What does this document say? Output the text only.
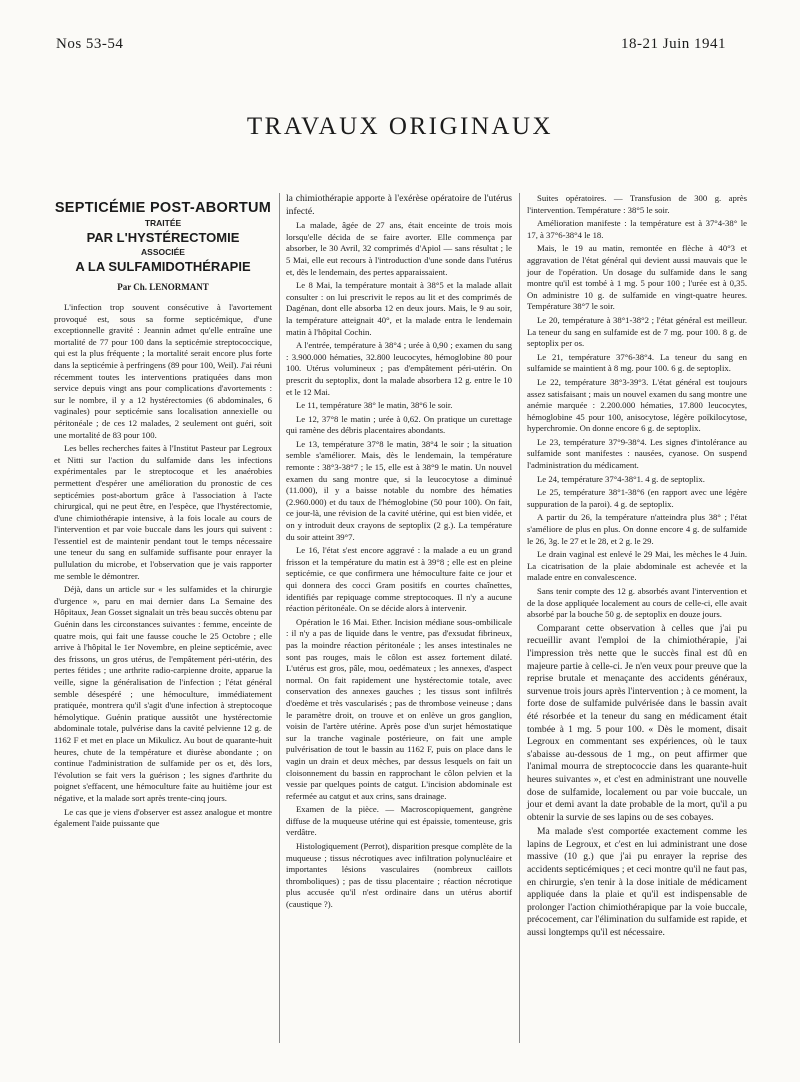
Nos 53-54	18-21 Juin 1941
TRAVAUX ORIGINAUX
SEPTICÉMIE POST-ABORTUM
TRAITÉE
PAR L'HYSTÉRECTOMIE
ASSOCIÉE
A LA SULFAMIDOTHÉRAPIE
Par Ch. LENORMANT

L'infection trop souvent consécutive à l'avortement provoqué est, sous sa forme septicémique, d'une exceptionnelle gravité : Jeannin admet qu'elle entraîne une mortalité de 77 pour 100 dans la septicémie streptococcique, qui est la plus fréquente ; la mortalité serait encore plus forte dans la septicémie à perfringens (89 pour 100, Weil). J'ai réuni récemment toutes les interventions pratiquées dans mon service depuis vingt ans pour complications d'avortements : sur le nombre, il y a 12 hystérectomies (6 abdominales, 6 vaginales) pour septicémie sans localisation annexielle ou péritonéale ; de ces 12 malades, 2 seulement ont guéri, soit une mortalité de 83 pour 100.

Les belles recherches faites à l'Institut Pasteur par Legroux et Nitti sur l'action du sulfamide dans les infections expérimentales par le streptocoque et les anaérobies permettent d'espérer une amélioration du pronostic de ces septicémies post-abortum grâce à l'association à l'acte chirurgical, qui ne peut être, en l'espèce, que l'hystérectomie, d'une chimiothérapie intensive, à la fois locale au cours de l'intervention et par voie buccale dans les jours qui suivent : l'essentiel est de maintenir pendant tout le temps nécessaire une teneur du sang en sulfamide suffisante pour enrayer la pullulation du microbe, et l'observation que je vais rapporter me semble le démontrer.

Déjà, dans un article sur « les sulfamides et la chirurgie d'urgence », paru en mai dernier dans La Semaine des Hôpitaux, Jean Gosset signalait un très beau succès obtenu par Guénin dans les circonstances suivantes : femme, enceinte de quatre mois, qui fait une fausse couche le 25 Octobre ; elle arrive à l'hôpital le 1er Novembre, en pleine septicémie, avec des frissons, un gros utérus, de l'empâtement péri-utérin, des pertes fétides ; une arthrite radio-carpienne droite, apparue la veille, signe la généralisation de l'infection ; l'état général semble désespéré ; une hémoculture, immédiatement pratiquée, montrera qu'il s'agit d'une infection à streptocoque hémolytique. Guénin pratique aussitôt une hystérectomie abdominale totale, pulvérise dans la cavité pelvienne 12 g. de 1162 F et met en place un Mikulicz. Au bout de quarante-huit heures, chute de la température et diurèse abondante ; on continue l'administration de sulfamide per os et, dès lors, l'évolution se fait vers la guérison ; les signes d'arthrite du poignet s'effacent, une hémoculture faite au huitième jour est négative, et la malade sort après trente-cinq jours.

Le cas que je viens d'observer est assez analogue et montre également l'aide puissante que

la chimiothérapie apporte à l'exérèse opératoire de l'utérus infecté.

La malade, âgée de 27 ans, était enceinte de trois mois lorsqu'elle décida de se faire avorter. Elle commença par absorber, le 30 Avril, 32 comprimés d'Apiol — sans résultat ; le 5 Mai, elle eut recours à l'introduction d'une sonde dans l'utérus et, dès le lendemain, des pertes apparaissaient.

Le 8 Mai, la température montait à 38°5 et la malade allait consulter : on lui prescrivit le repos au lit et des comprimés de Dagénan, dont elle absorba 12 en deux jours. Mais, le 9 au soir, la température atteignait 40°, et la malade entra le lendemain matin à l'hôpital Cochin.

A l'entrée, température à 38°4 ; urée à 0,90 ; examen du sang : 3.900.000 hématies, 32.800 leucocytes, hémoglobine 80 pour 100. Utérus volumineux ; pas d'empâtement péri-utérin. On prescrit du septoplix, dont la malade absorbera 12 g. entre le 10 et le 12 Mai.

Le 11, température 38° le matin, 38°6 le soir.

Le 12, 37°8 le matin ; urée à 0,62. On pratique un curettage qui ramène des débris placentaires abondants.

Le 13, température 37°8 le matin, 38°4 le soir ; la situation semble s'améliorer. Mais, dès le lendemain, la température remonte : 38°3-38°7 ; le 15, elle est à 38°9 le matin. Un nouvel examen du sang montre que, si la leucocytose a diminué (11.000), il y a baisse notable du nombre des hématies (2.960.000) et du taux de l'hémoglobine (50 pour 100). On fait, ce jour-là, une révision de la cavité utérine, qui est bien vidée, et on y introduit deux crayons de septoplix (2 g.). La température du soir atteint 39°7.

Le 16, l'état s'est encore aggravé : la malade a eu un grand frisson et la température du matin est à 39°8 ; elle est en pleine septicémie, ce que confirmera une hémoculture faite ce jour et qui donnera des cocci Gram positifs en courtes chaînettes, identifiés par repiquage comme streptocoques. Il n'y a aucune réaction péritonéale. On se décide alors à intervenir.

Opération le 16 Mai. Ether. Incision médiane sous-ombilicale : il n'y a pas de liquide dans le ventre, pas d'exsudat fibrineux, pas la moindre réaction péritonéale ; les anses intestinales ne sont pas rouges, mais le côlon est assez fortement dilaté. L'utérus est gros, pâle, mou, oedémateux ; les annexes, d'aspect normal. On fait rapidement une hystérectomie totale, avec conservation des annexes gauches ; les tissus sont infiltrés d'oedème et très vascularisés ; pas de thrombose veineuse ; dans le paramètre droit, on trouve et on enlève un gros ganglion, voisin de l'artère utérine. Après pose d'un surjet hémostatique sur la tranche vaginale postérieure, on fait une ample pulvérisation de tout le bassin au 1162 F, puis on place dans le vagin un drain et deux mèches, par dessus lesquels on fait un cloisonnement du bassin en rapprochant le côlon pelvien et la vessie par quelques points de catgut. L'incision abdominale est refermée au catgut et aux crins, sans drainage.

Examen de la pièce. — Macroscopiquement, gangrène diffuse de la muqueuse utérine qui est épaissie, tomenteuse, gris verdâtre.

Histologiquement (Perrot), disparition presque complète de la muqueuse ; tissus nécrotiques avec infiltration polynucléaire et importantes lésions vasculaires (nombreux caillots thromboliques) ; pas de tissu placentaire ; réaction nécrotique plus accusée qu'il n'est ordinaire dans un utérus abortif (caustique ?).

Suites opératoires. — Transfusion de 300 g. après l'intervention. Température : 38°5 le soir.

Amélioration manifeste : la température est à 37°4-38° le 17, à 37°6-38°4 le 18.

Mais, le 19 au matin, remontée en flèche à 40°3 et aggravation de l'état général qui devient aussi mauvais que le jour de l'opération. Un dosage du sulfamide dans le sang montre qu'il est tombé à 1 mg. 5 pour 100 ; l'urée est à 0,35. On administre 10 g. de sulfamide en vingt-quatre heures. Température 38°7 le soir.

Le 20, température à 38°1-38°2 ; l'état général est meilleur. La teneur du sang en sulfamide est de 7 mg. pour 100. 8 g. de septoplix per os.

Le 21, température 37°6-38°4. La teneur du sang en sulfamide se maintient à 8 mg. pour 100. 6 g. de septoplix.

Le 22, température 38°3-39°3. L'état général est toujours assez satisfaisant ; mais un nouvel examen du sang montre une anémie marquée : 2.200.000 hématies, 17.800 leucocytes, hémoglobine 45 pour 100, anisocytose, légère poïkilocytose, hyperchromie. On donne encore 6 g. de septoplix.

Le 23, température 37°9-38°4. Les signes d'intolérance au sulfamide sont manifestes : nausées, cyanose. On suspend l'administration du médicament.

Le 24, température 37°4-38°1. 4 g. de septoplix.

Le 25, température 38°1-38°6 (en rapport avec une légère suppuration de la paroi). 4 g. de septoplix.

A partir du 26, la température n'atteindra plus 38° ; l'état s'améliore de plus en plus. On donne encore 4 g. de sulfamide le 26, 3g. le 27 et le 28, et 2 g. le 29.

Le drain vaginal est enlevé le 29 Mai, les mèches le 4 Juin. La cicatrisation de la plaie abdominale est achevée et la malade entre en convalescence.

Sans tenir compte des 12 g. absorbés avant l'intervention et de la dose appliquée localement au cours de celle-ci, elle avait absorbé par la bouche 50 g. de septoplix en douze jours.

Comparant cette observation à celles que j'ai pu recueillir avant l'emploi de la chimiothérapie, j'ai l'impression très nette que le succès final est dû en majeure partie à celle-ci. Je n'en veux pour preuve que la reprise brutale et menaçante des accidents généraux, survenue trois jours après l'intervention ; à ce moment, la forte dose de sulfamide pulvérisée dans le bassin avait été résorbée et la teneur du sang en médicament était tombée à 1 mg. 5 pour 100. « Dès le moment, disait Legroux en commentant ses expériences, où le taux s'abaisse au-dessous de 1 mg., on peut affirmer que l'animal mourra de streptococcie dans les quarante-huit heures suivantes », et c'est en administrant une nouvelle dose de sulfamide, localement ou par voie buccale, un jour et demi avant la date probable de la mort, qu'il a pu obtenir la survie de ses lapins ou de ses cobayes.

Ma malade s'est comportée exactement comme les lapins de Legroux, et c'est en lui administrant une dose massive (10 g.) que j'ai pu enrayer la reprise des accidents septicémiques ; et ceci montre qu'il ne faut pas, en chirurgie, s'en tenir à la dose initiale de médicament appliquée dans la plaie et qu'il est indispensable de prolonger l'action chimiothérapique par la voie buccale, précocement, car l'élimination du sulfamide est rapide, et aussi longtemps qu'il est nécessaire.
